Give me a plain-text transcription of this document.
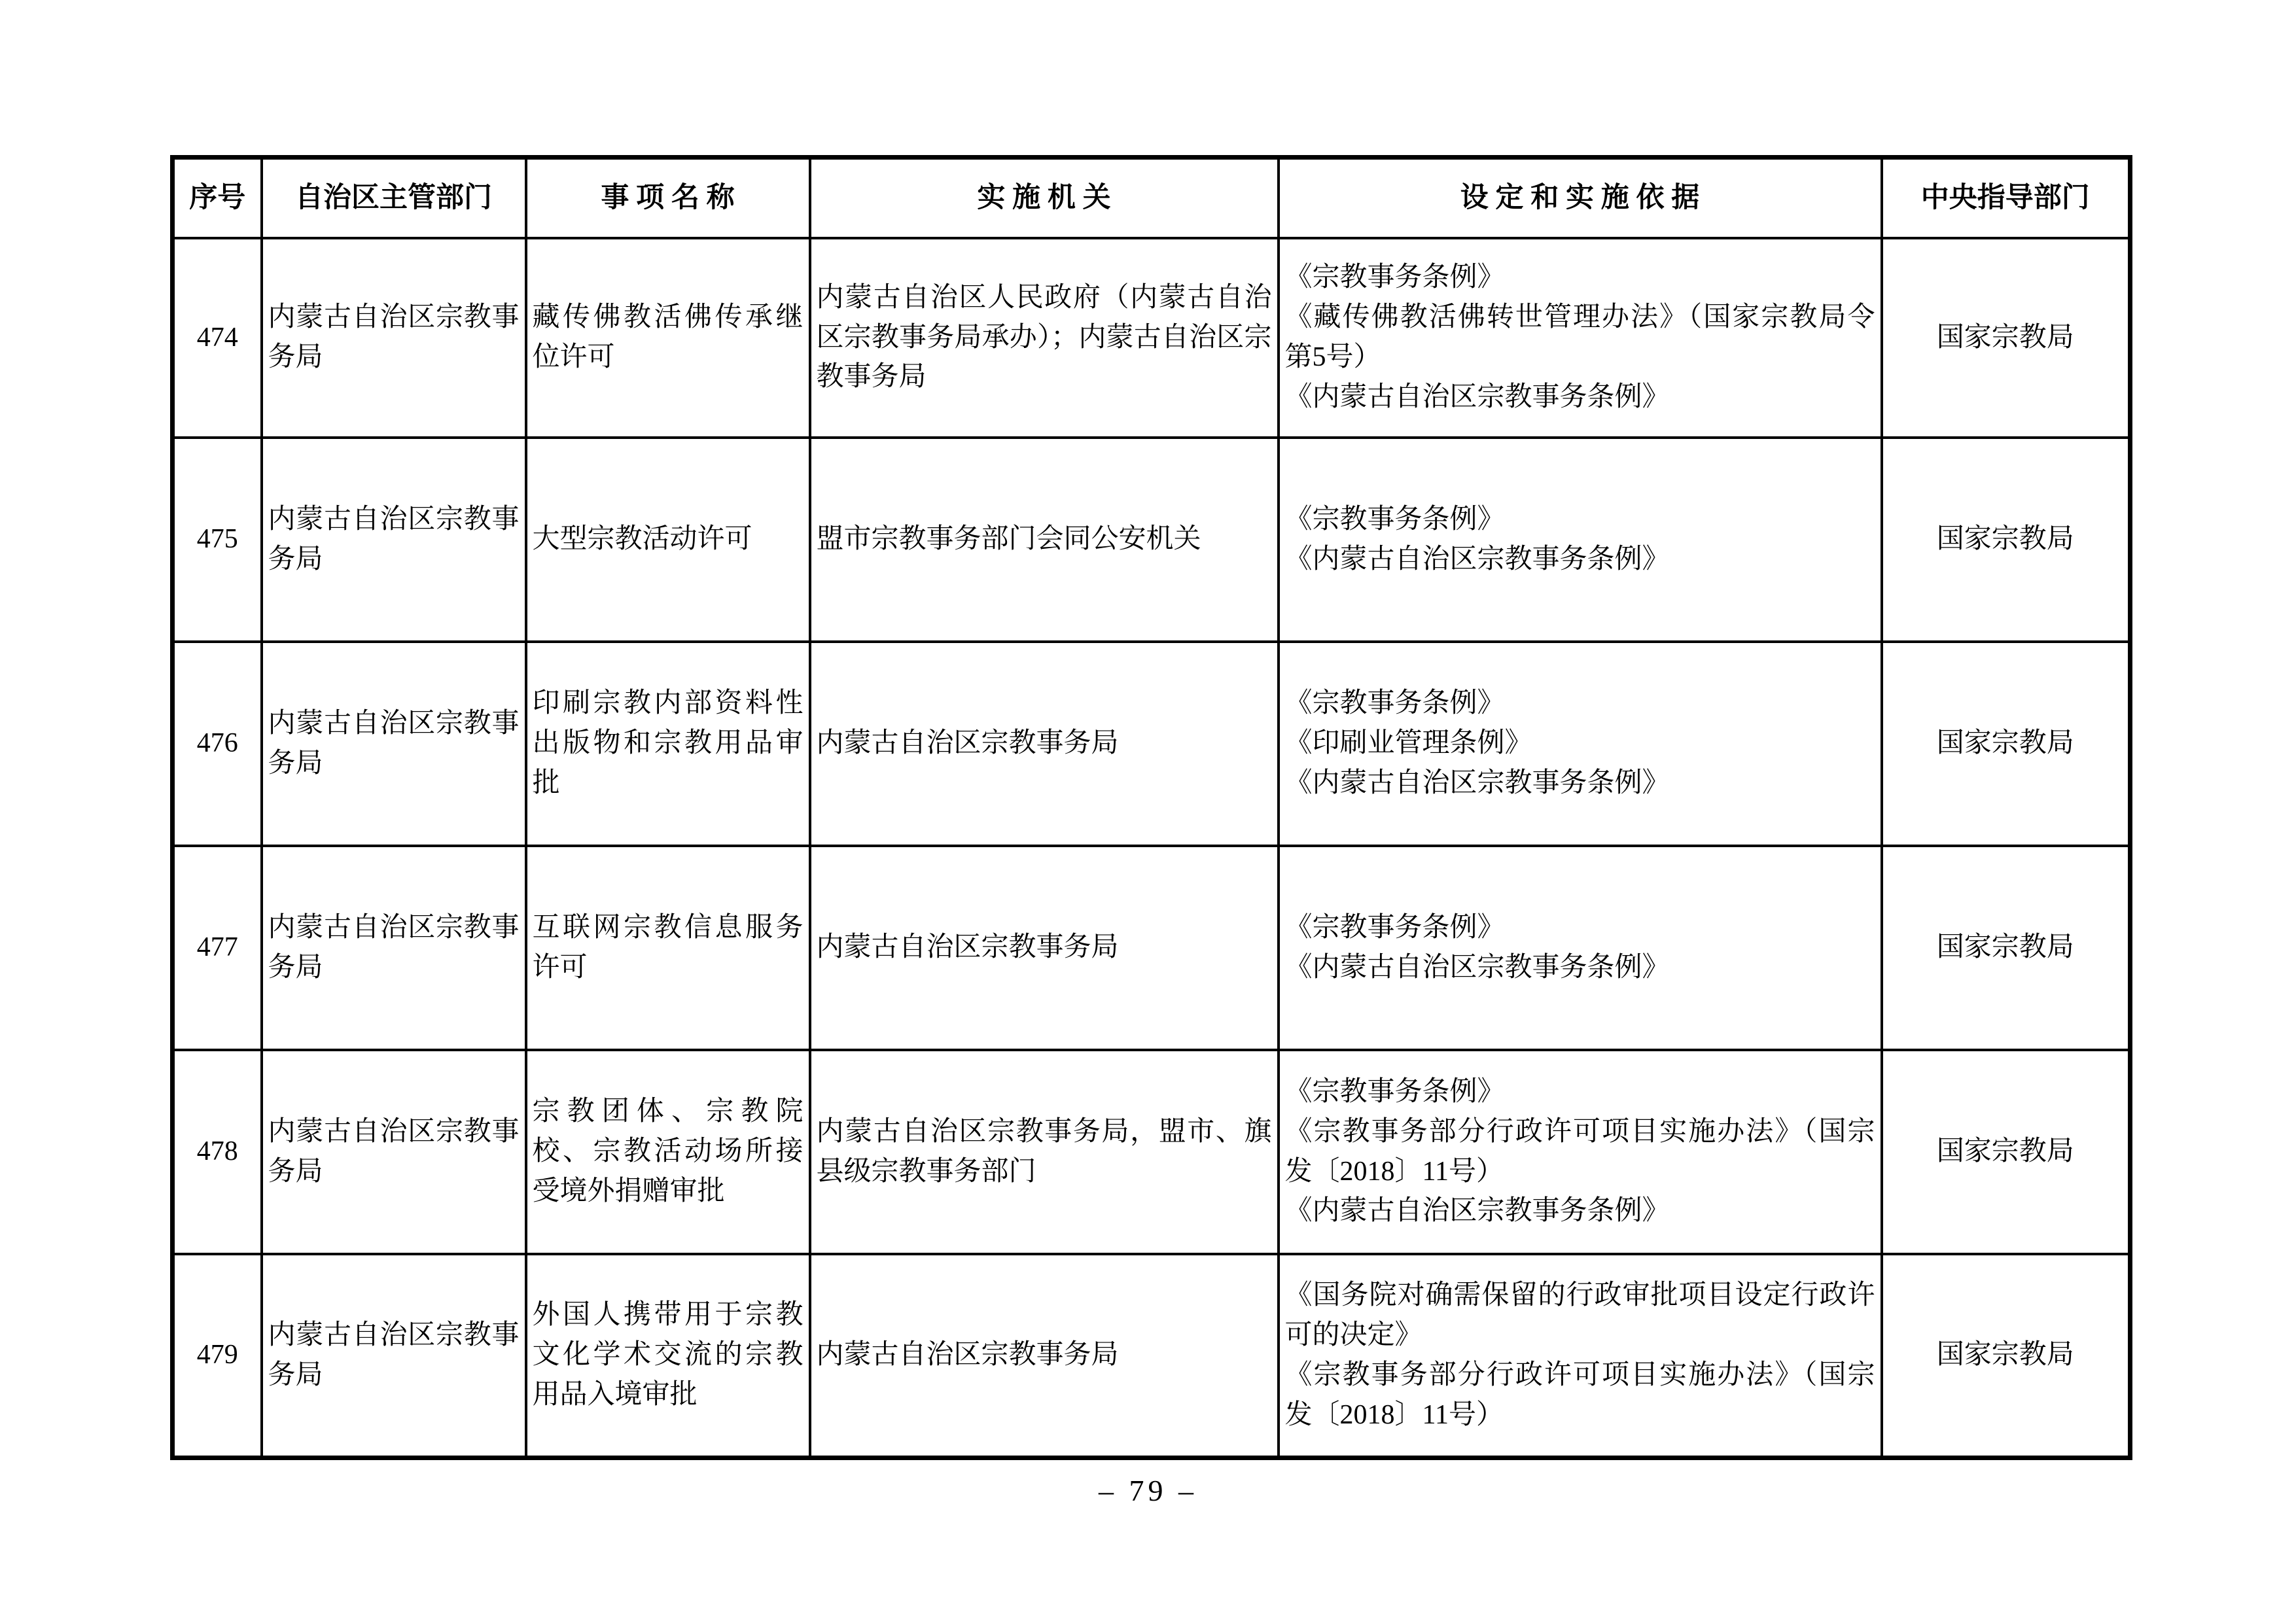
序号	自治区主管部门	事 项 名 称	实 施 机 关	设 定 和 实 施 依 据	中央指导部门
474	内蒙古自治区宗教事务局	藏传佛教活佛传承继位许可	内蒙古自治区人民政府（内蒙古自治区宗教事务局承办）；内蒙古自治区宗教事务局	《宗教事务条例》
《藏传佛教活佛转世管理办法》（国家宗教局令第5号）
《内蒙古自治区宗教事务条例》	国家宗教局
475	内蒙古自治区宗教事务局	大型宗教活动许可	盟市宗教事务部门会同公安机关	《宗教事务条例》
《内蒙古自治区宗教事务条例》	国家宗教局
476	内蒙古自治区宗教事务局	印刷宗教内部资料性出版物和宗教用品审批	内蒙古自治区宗教事务局	《宗教事务条例》
《印刷业管理条例》
《内蒙古自治区宗教事务条例》	国家宗教局
477	内蒙古自治区宗教事务局	互联网宗教信息服务许可	内蒙古自治区宗教事务局	《宗教事务条例》
《内蒙古自治区宗教事务条例》	国家宗教局
478	内蒙古自治区宗教事务局	宗教团体、宗教院校、宗教活动场所接受境外捐赠审批	内蒙古自治区宗教事务局，盟市、旗县级宗教事务部门	《宗教事务条例》
《宗教事务部分行政许可项目实施办法》（国宗发〔2018〕11号）
《内蒙古自治区宗教事务条例》	国家宗教局
479	内蒙古自治区宗教事务局	外国人携带用于宗教文化学术交流的宗教用品入境审批	内蒙古自治区宗教事务局	《国务院对确需保留的行政审批项目设定行政许可的决定》
《宗教事务部分行政许可项目实施办法》（国宗发〔2018〕11号）	国家宗教局
– 79 –
